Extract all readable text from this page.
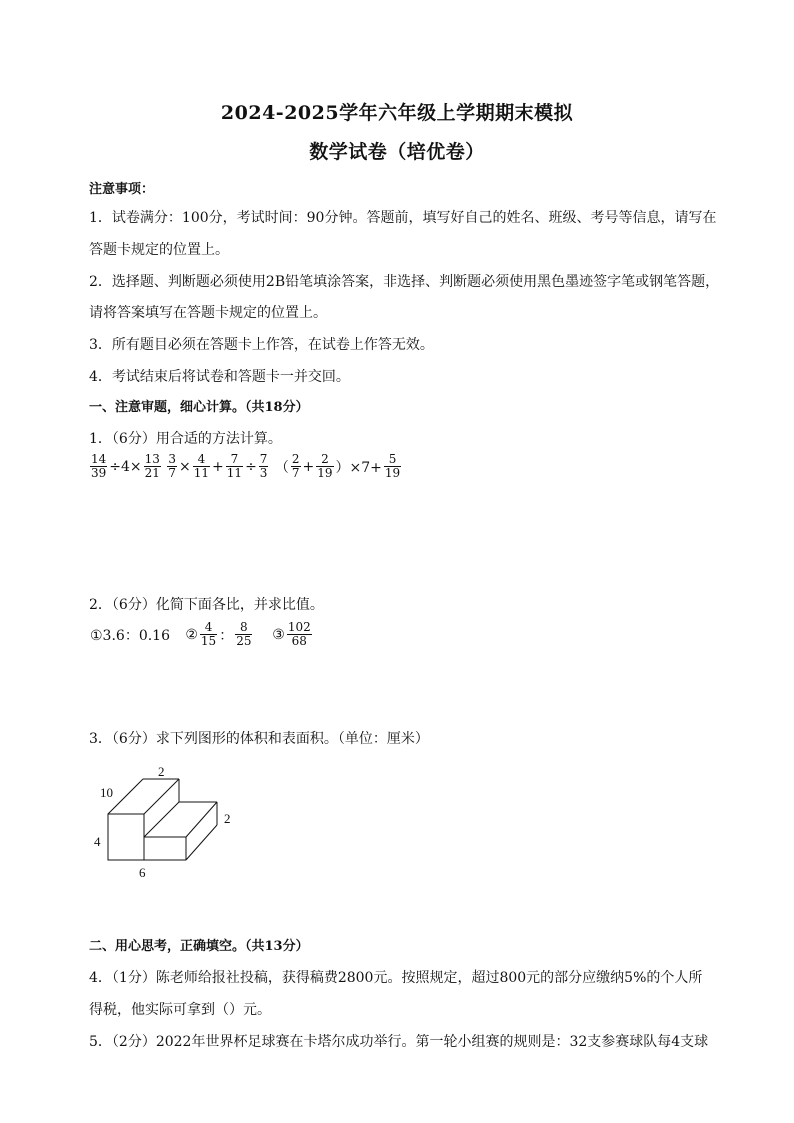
2024-2025学年六年级上学期期末模拟
数学试卷（培优卷）
注意事项：
1．试卷满分：100分，考试时间：90分钟。答题前，填写好自己的姓名、班级、考号等信息，请写在
答题卡规定的位置上。
2．选择题、判断题必须使用2B铅笔填涂答案，非选择、判断题必须使用黑色墨迹签字笔或钢笔答题，
请将答案填写在答题卡规定的位置上。
3．所有题目必须在答题卡上作答，在试卷上作答无效。
4．考试结束后将试卷和答题卡一并交回。
一、注意审题，细心计算。（共18分）
1．（6分）用合适的方法计算。
$\frac{14}{39} \div 4\times \frac{13}{21}$
$\frac{3}{7} \times \frac{4}{11} + \frac{7}{11} \div \frac{7}{3}$ （ $\frac{2}{7} + \frac{2}{19} )\times 7+ \frac{5}{19}$
2．（6分）化简下面各比，并求比值。
①3.6：0.16 ② $\frac{4}{15}$ ： $\frac{8}{25}$ ③ $\frac{102}{68}$
3．（6分）求下列图形的体积和表面积。（单位：厘米）
2
10
2
4
6
二、用心思考，正确填空。（共13分）
4．（1分）陈老师给报社投稿，获得稿费2800元。按照规定，超过800元的部分应缴纳5%的个人所
得税，他实际可拿到（）元。
5．（2分）2022年世界杯足球赛在卡塔尔成功举行。第一轮小组赛的规则是：32支参赛球队每4支球
